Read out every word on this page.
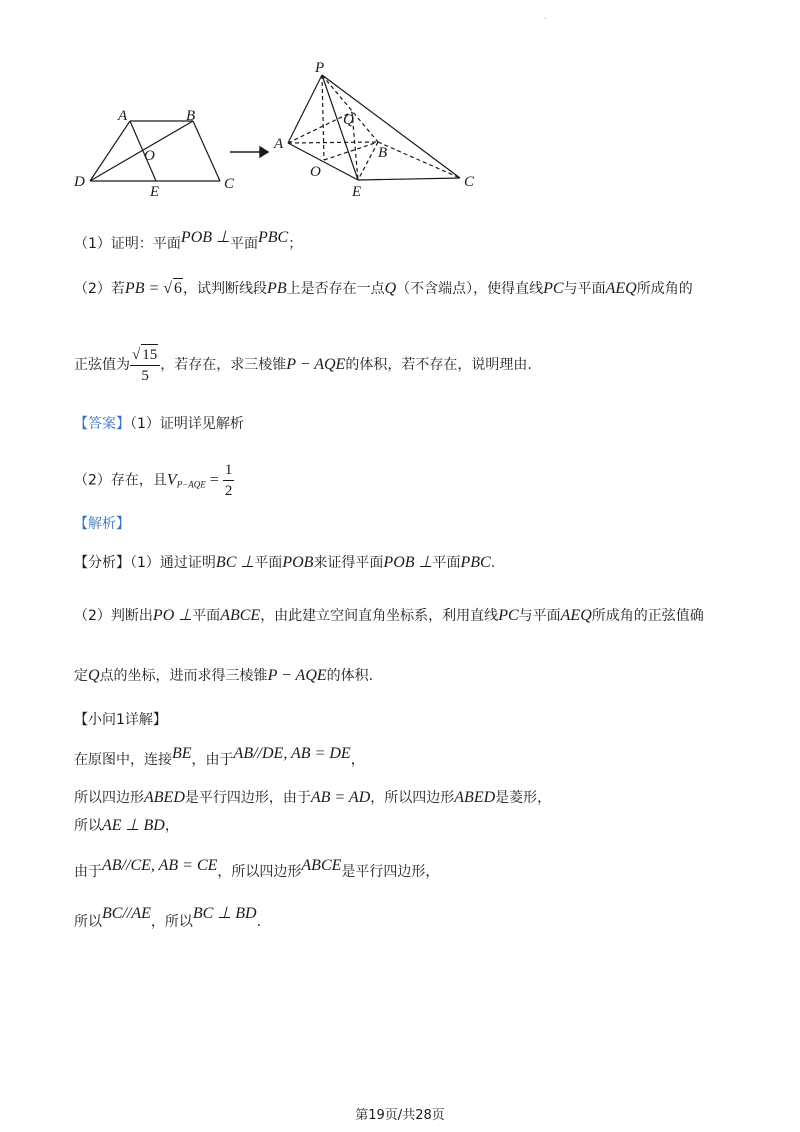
·
A	B
O
D
E	C
P
Q
A
B
O
E
C
（1）证明：平面POB ⊥平面PBC；
（2）若PB = √ 6，试判断线段PB上是否存在一点Q（不含端点），使得直线PC与平面AEQ所成角的
正弦值为 $\frac{√ 15}{5}$ ，若存在，求三棱锥P − AQE的体积，若不存在，说明理由.
【答案】（1）证明详见解析
（2）存在，且$V_{P-AQE} = \frac{1}{2}$
【解析】
【分析】（1）通过证明BC ⊥平面POB来证得平面POB ⊥平面PBC.
（2）判断出PO ⊥平面ABCE，由此建立空间直角坐标系，利用直线PC与平面AEQ所成角的正弦值确
定Q点的坐标，进而求得三棱锥P − AQE的体积.
【小问1详解】
在原图中，连接BE，由于AB//DE, AB = DE，
所以四边形ABED是平行四边形，由于AB = AD，所以四边形ABED是菱形，
所以AE ⊥ BD，
由于AB//CE, AB = CE，所以四边形ABCE是平行四边形，
所以BC//AE，所以BC ⊥ BD.
第19页/共28页
